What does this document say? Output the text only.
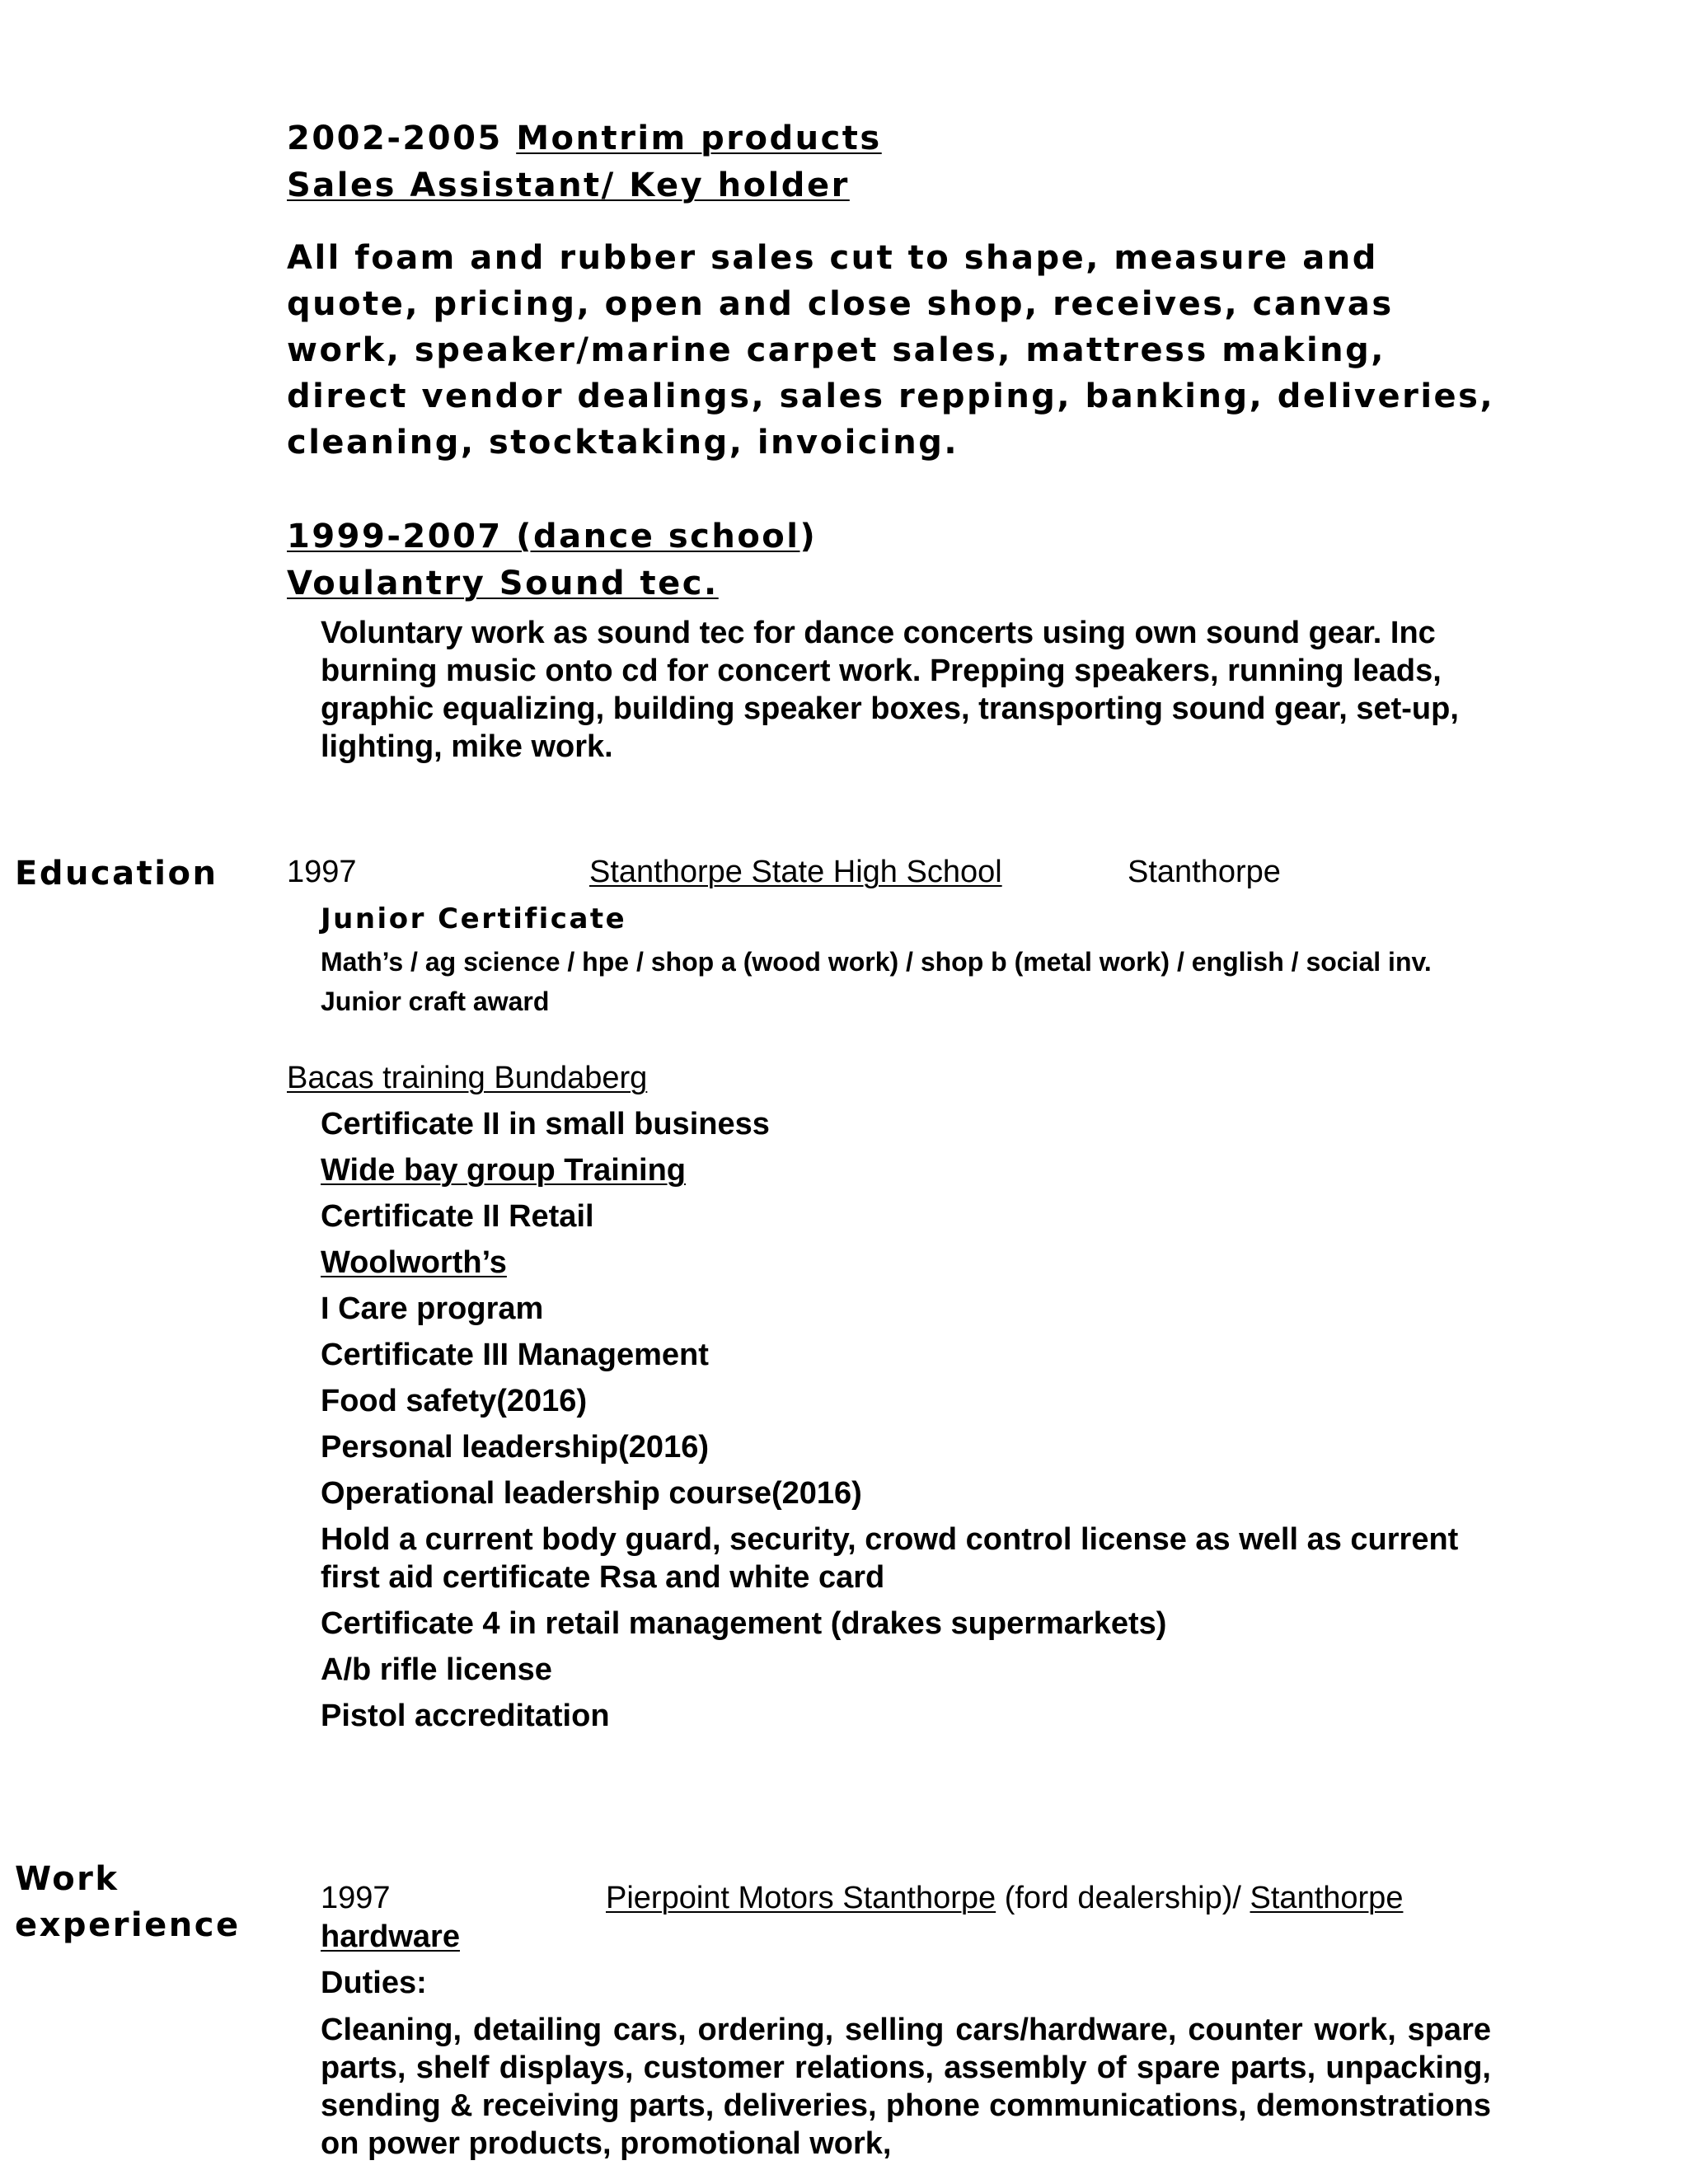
2002-2005 Montrim products
Sales Assistant/ Key holder
All foam and rubber sales cut to shape, measure and quote, pricing, open and close shop, receives, canvas work, speaker/marine carpet sales, mattress making, direct vendor dealings, sales repping, banking, deliveries, cleaning, stocktaking, invoicing.
1999-2007 (dance school)
Voulantry Sound tec.
Voluntary work as sound tec for dance concerts using own sound gear. Inc burning music onto cd for concert work. Prepping speakers, running leads, graphic equalizing, building speaker boxes, transporting sound gear, set-up, lighting, mike work.
Education 1997	Stanthorpe State High School	Stanthorpe
Junior Certificate
Math’s / ag science / hpe / shop a (wood work) / shop b (metal work) / english / social inv.
Junior craft award
Bacas training Bundaberg
Certificate II in small business
Wide bay group Training
Certificate II Retail
Woolworth’s
I Care program
Certificate III Management
Food safety(2016)
Personal leadership(2016)
Operational leadership course(2016)
Hold a current body guard, security, crowd control license as well as current first aid certificate Rsa and white card
Certificate 4 in retail management (drakes supermarkets)
A/b rifle license
Pistol accreditation
Work
experience
1997	Pierpoint Motors Stanthorpe (ford dealership)/ Stanthorpe
hardware
Duties:
Cleaning, detailing cars, ordering, selling cars/hardware, counter work, spare parts, shelf displays, customer relations, assembly of spare parts, unpacking, sending & receiving parts, deliveries, phone communications, demonstrations on power products, promotional work,
